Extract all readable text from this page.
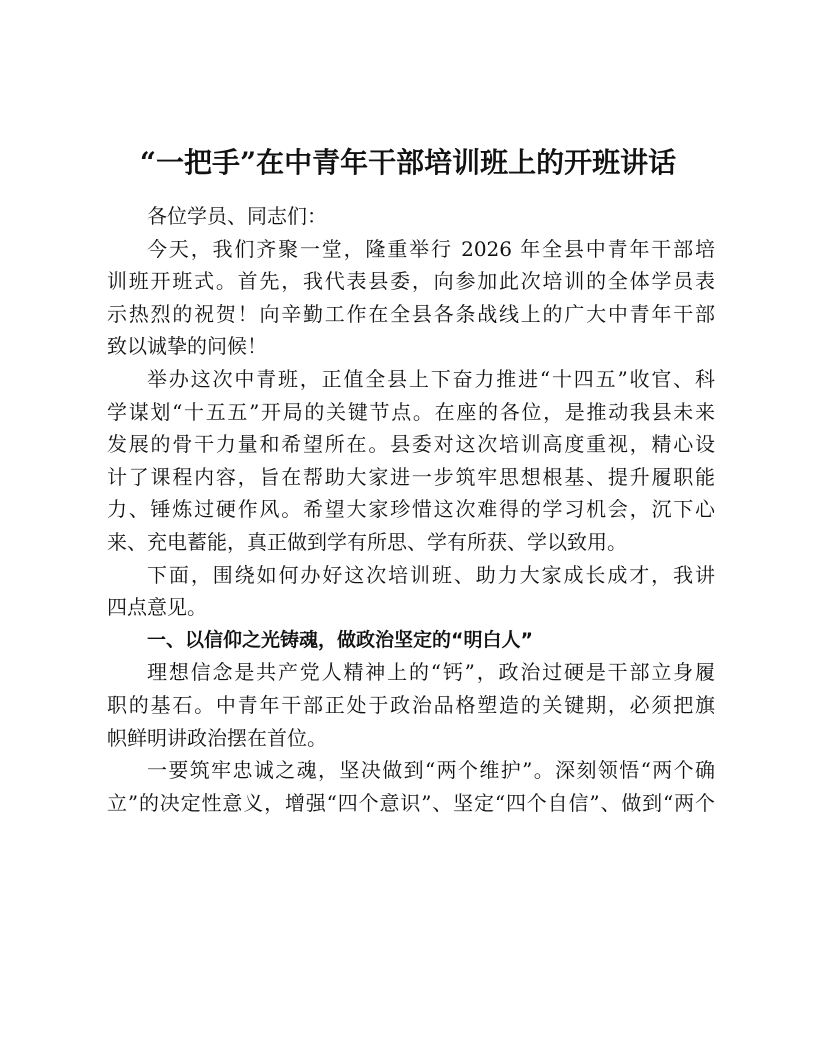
“一把手”在中青年干部培训班上的开班讲话

各位学员、同志们：

今天，我们齐聚一堂，隆重举行 2026 年全县中青年干部培

训班开班式。首先，我代表县委，向参加此次培训的全体学员表

示热烈的祝贺！向辛勤工作在全县各条战线上的广大中青年干部

致以诚挚的问候！

举办这次中青班，正值全县上下奋力推进“十四五”收官、科

学谋划“十五五”开局的关键节点。在座的各位，是推动我县未来

发展的骨干力量和希望所在。县委对这次培训高度重视，精心设

计了课程内容，旨在帮助大家进一步筑牢思想根基、提升履职能

力、锤炼过硬作风。希望大家珍惜这次难得的学习机会，沉下心

来、充电蓄能，真正做到学有所思、学有所获、学以致用。

下面，围绕如何办好这次培训班、助力大家成长成才，我讲

四点意见。

一、以信仰之光铸魂，做政治坚定的“明白人”

理想信念是共产党人精神上的“钙”，政治过硬是干部立身履

职的基石。中青年干部正处于政治品格塑造的关键期，必须把旗

帜鲜明讲政治摆在首位。

一要筑牢忠诚之魂，坚决做到“两个维护”。深刻领悟“两个确

立”的决定性意义，增强“四个意识”、坚定“四个自信”、做到“两个
